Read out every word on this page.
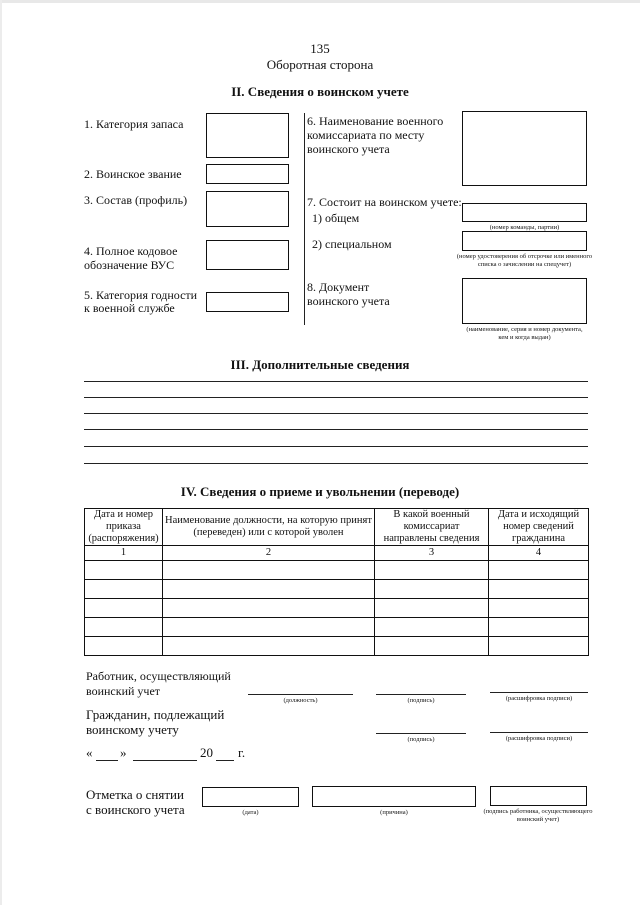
135
Оборотная сторона
II. Сведения о воинском учете
1. Категория запаса
2. Воинское звание
3. Состав (профиль)
4. Полное кодовое
обозначение ВУС
5. Категория годности
к военной службе
6. Наименование военного
комиссариата по месту
воинского учета
7. Состоит на воинском учете:
1) общем
(номер команды, партии)
2) специальном
(номер удостоверения об отсрочке или именного списка о зачислении на спецучет)
8. Документ
воинского учета
(наименование, серия и номер документа, кем и когда выдан)
III. Дополнительные сведения
IV. Сведения о приеме и увольнении (переводе)
Дата и номер приказа (распоряжения)	Наименование должности, на которую принят (переведен) или с которой уволен	В какой военный комиссариат направлены сведения	Дата и исходящий номер сведений гражданина
1	2	3	4

Работник, осуществляющий
воинский учет
(должность)	(подпись)	(расшифровка подписи)
Гражданин, подлежащий
воинскому учету
(подпись)	(расшифровка подписи)
« »	20 г.
Отметка о снятии
с воинского учета	(дата)	(причина)	(подпись работника, осуществляющего воинский учет)
